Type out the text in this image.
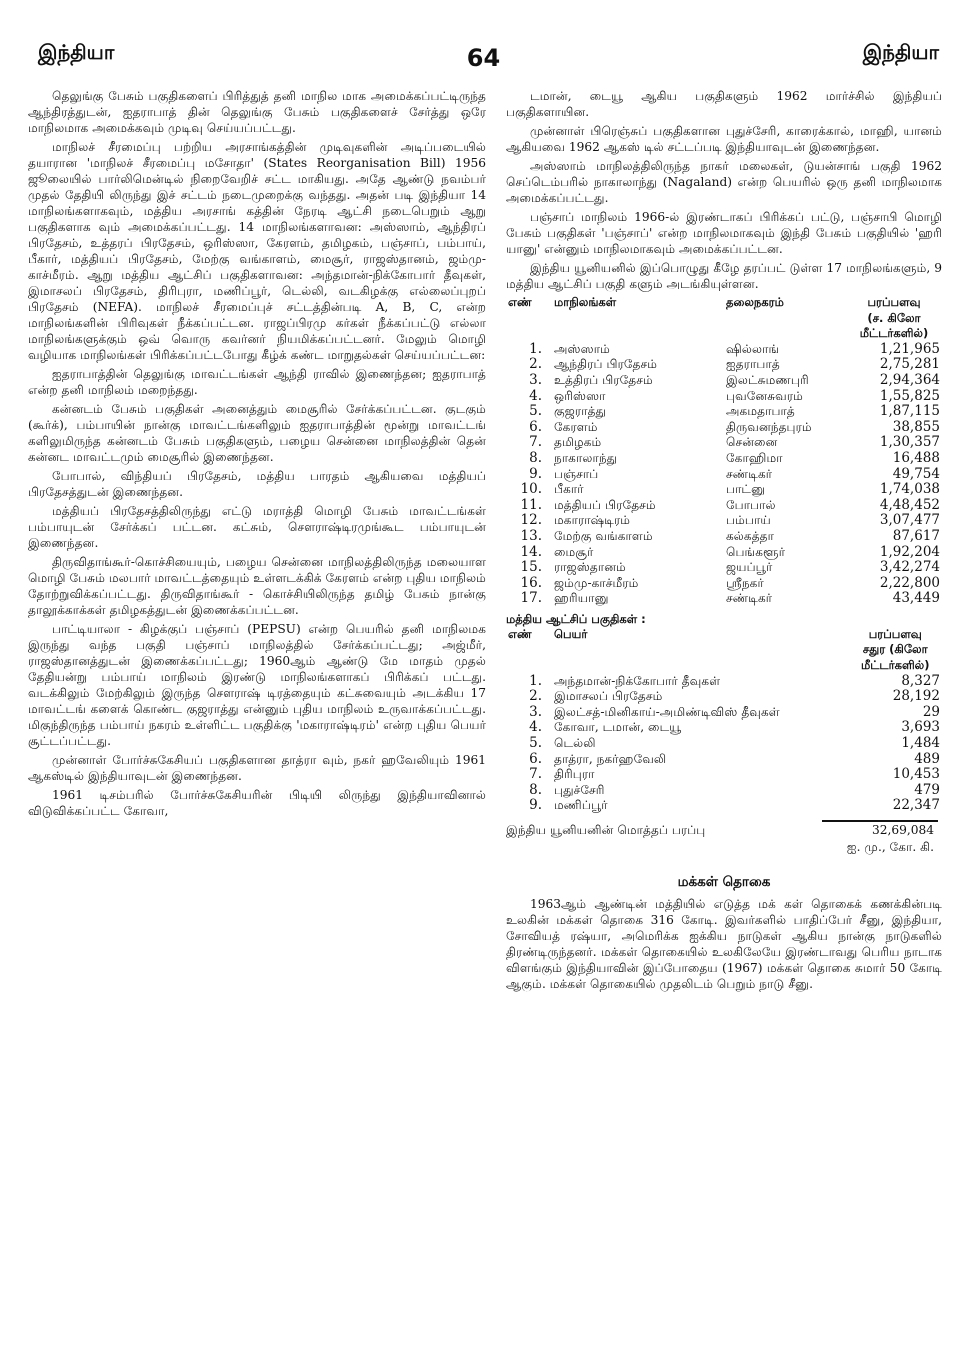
இந்தியா	64	இந்தியா

தெலுங்கு பேசும் பகுதிகளைப் பிரித்துத் தனி மாநில மாக அமைக்கப்பட்டிருந்த ஆந்திரத்துடன், ஐதராபாத் தின் தெலுங்கு பேசும் பகுதிகளைச் சேர்த்து ஒரே மாநிலமாக அமைக்கவும் முடிவு செய்யப்பட்டது.

மாநிலச் சீரமைப்பு பற்றிய அரசாங்கத்தின் முடிவுகளின் அடிப்படையில் தயாரான 'மாநிலச் சீரமைப்பு மசோதா' (States Reorganisation Bill) 1956 ஜூலையில் பார்லிமென்டில் நிறைவேறிச் சட்ட மாகியது. அதே ஆண்டு நவம்பர் முதல் தேதியி லிருந்து இச் சட்டம் நடைமுறைக்கு வந்தது. அதன் படி இந்தியா 14 மாநிலங்களாகவும், மத்திய அரசாங் கத்தின் நேரடி ஆட்சி நடைபெறும் ஆறு பகுதிகளாக வும் அமைக்கப்பட்டது. 14 மாநிலங்களாவன: அஸ்ஸாம், ஆந்திரப் பிரதேசம், உத்தரப் பிரதேசம், ஒரிஸ்ஸா, கேரளம், தமிழகம், பஞ்சாப், பம்பாய், பீகார், மத்தியப் பிரதேசம், மேற்கு வங்காளம், மைசூர், ராஜஸ்தானம், ஜம்மு-காச்மீரம். ஆறு மத்திய ஆட்சிப் பகுதிகளாவன: அந்தமான்-நிக்கோபார் தீவுகள், இமாசலப் பிரதேசம், திரிபுரா, மணிப்பூர், டெல்லி, வடகிழக்கு எல்லைப்புறப் பிரதேசம் (NEFA). மாநிலச் சீரமைப்புச் சட்டத்தின்படி A, B, C, என்ற மாநிலங்களின் பிரிவுகள் நீக்கப்பட்டன. ராஜப்பிரமு கர்கள் நீக்கப்பட்டு எல்லா மாநிலங்களுக்கும் ஒவ் வொரு கவர்னர் நியமிக்கப்பட்டனர். மேலும் மொழி வழியாக மாநிலங்கள் பிரிக்கப்பட்டபோது கீழ்க் கண்ட மாறுதல்கள் செய்யப்பட்டன:

ஐதராபாத்தின் தெலுங்கு மாவட்டங்கள் ஆந்தி ராவில் இணைந்தன; ஐதராபாத் என்ற தனி மாநிலம் மறைந்தது.

கன்னடம் பேசும் பகுதிகள் அனைத்தும் மைசூரில் சேர்க்கப்பட்டன. குடகும் (கூர்க்), பம்பாயின் நான்கு மாவட்டங்களிலும் ஐதராபாத்தின் மூன்று மாவட்டங் களிலுமிருந்த கன்னடம் பேசும் பகுதிகளும், பழைய சென்னை மாநிலத்தின் தென் கன்னட மாவட்டமும் மைசூரில் இணைந்தன.

போபால், விந்தியப் பிரதேசம், மத்திய பாரதம் ஆகியவை மத்தியப் பிரதேசத்துடன் இணைந்தன.

மத்தியப் பிரதேசத்திலிருந்து எட்டு மராத்தி மொழி பேசும் மாவட்டங்கள் பம்பாயுடன் சேர்க்கப் பட்டன. கட்சும், சௌராஷ்டிரமுங்கூட பம்பாயுடன் இணைந்தன.

திருவிதாங்கூர்-கொச்சியையும், பழைய சென்னை மாநிலத்திலிருந்த மலையாள மொழி பேசும் மலபார் மாவட்டத்தையும் உள்ளடக்கிக் கேரளம் என்ற புதிய மாநிலம் தோற்றுவிக்கப்பட்டது. திருவிதாங்கூர் - கொச்சியிலிருந்த தமிழ் பேசும் நான்கு தாலூக்காக்கள் தமிழகத்துடன் இணைக்கப்பட்டன.

பாட்டியாலா - கிழக்குப் பஞ்சாப் (PEPSU) என்ற பெயரில் தனி மாநிலமக இருந்து வந்த பகுதி பஞ்சாப் மாநிலத்தில் சேர்க்கப்பட்டது; அஜ்மீர், ராஜஸ்தானத்துடன் இணைக்கப்பட்டது; 1960ஆம் ஆண்டு மே மாதம் முதல் தேதியன்று பம்பாய் மாநிலம் இரண்டு மாநிலங்களாகப் பிரிக்கப் பட்டது. வடக்கிலும் மேற்கிலும் இருந்த சௌராஷ் டிரத்தையும் கட்சுவையும் அடக்கிய 17 மாவட்டங் களைக் கொண்ட குஜராத்து என்னும் புதிய மாநிலம் உருவாக்கப்பட்டது. மிகுந்திருந்த பம்பாய் நகரம் உள்ளிட்ட பகுதிக்கு 'மகாராஷ்டிரம்' என்ற புதிய பெயர் சூட்டப்பட்டது.

முன்னாள் போர்ச்சுகேசியப் பகுதிகளான தாத்ரா வும், நகர் ஹவேலியும் 1961 ஆகஸ்டில் இந்தியாவுடன் இணைந்தன.

1961 டிசம்பரில் போர்ச்சுகேசியரின் பிடியி லிருந்து இந்தியாவினால் விடுவிக்கப்பட்ட கோவா,

டமான், டையூ ஆகிய பகுதிகளும் 1962 மார்ச்சில் இந்தியப் பகுதிகளாயின.

முன்னாள் பிரெஞ்சுப் பகுதிகளான புதுச்சேரி, காரைக்கால், மாஹி, யானம் ஆகியவை 1962 ஆகஸ் டில் சட்டப்படி இந்தியாவுடன் இணைந்தன.

அஸ்ஸாம் மாநிலத்திலிருந்த நாகர் மலைகள், டுயன்சாங் பகுதி 1962 செப்டெம்பரில் நாகாலாந்து (Nagaland) என்ற பெயரில் ஒரு தனி மாநிலமாக அமைக்கப்பட்டது.

பஞ்சாப் மாநிலம் 1966-ல் இரண்டாகப் பிரிக்கப் பட்டு, பஞ்சாபி மொழி பேசும் பகுதிகள் 'பஞ்சாப்' என்ற மாநிலமாகவும் இந்தி பேசும் பகுதியில் 'ஹரி யானு' என்னும் மாநிலமாகவும் அமைக்கப்பட்டன.

இந்திய யூனியனில் இப்பொழுது கீழே தரப்பட் டுள்ள 17 மாநிலங்களும், 9 மத்திய ஆட்சிப் பகுதி களும் அடங்கியுள்ளன.

எண்	மாநிலங்கள்	தலைநகரம்	பரப்பளவு
(ச. கிலோ மீட்டர்களில்)
1.	அஸ்ஸாம்	ஷில்லாங்	1,21,965
2.	ஆந்திரப் பிரதேசம்	ஐதராபாத்	2,75,281
3.	உத்திரப் பிரதேசம்	இலட்சுமணபுரி	2,94,364
4.	ஒரிஸ்ஸா	புவனேசுவரம்	1,55,825
5.	குஜராத்து	அகமதாபாத்	1,87,115
6.	கேரளம்	திருவனந்தபுரம்	38,855
7.	தமிழகம்	சென்னை	1,30,357
8.	நாகாலாந்து	கோஹிமா	16,488
9.	பஞ்சாப்	சண்டிகர்	49,754
10.	பீகார்	பாட்னு	1,74,038
11.	மத்தியப் பிரதேசம்	போபால்	4,48,452
12.	மகாராஷ்டிரம்	பம்பாய்	3,07,477
13.	மேற்கு வங்காளம்	கல்கத்தா	87,617
14.	மைசூர்	பெங்களூர்	1,92,204
15.	ராஜஸ்தானம்	ஜயப்பூர்	3,42,274
16.	ஜம்மு-காச்மீரம்	ஸ்ரீநகர்	2,22,800
17.	ஹரியானு	சண்டிகர்	43,449
மத்திய ஆட்சிப் பகுதிகள் :
எண்	பெயர்	பரப்பளவு
சதுர (கிலோ
மீட்டர்களில்)
1.	அந்தமான்-நிக்கோபார் தீவுகள்	8,327
2.	இமாசலப் பிரதேசம்	28,192
3.	இலட்சத்-மினிகாய்-அமிண்டிவிஸ் தீவுகள்	29
4.	கோவா, டமான், டையூ	3,693
5.	டெல்லி	1,484
6.	தாத்ரா, நகர்ஹவேலி	489
7.	திரிபுரா	10,453
8.	புதுச்சேரி	479
9.	மணிப்பூர்	22,347
இந்திய யூனியனின் மொத்தப் பரப்பு	32,69,084
ஐ. மு., கோ. கி.
மக்கள் தொகை

1963ஆம் ஆண்டின் மத்தியில் எடுத்த மக் கள் தொகைக் கணக்கின்படி உலகின் மக்கள் தொகை 316 கோடி. இவர்களில் பாதிப்பேர் சீனு, இந்தியா, சோவியத் ரஷ்யா, அமெரிக்க ஐக்கிய நாடுகள் ஆகிய நான்கு நாடுகளில் திரண்டிருந்தனர். மக்கள் தொகையில் உலகிலேயே இரண்டாவது பெரிய நாடாக விளங்கும் இந்தியாவின் இப்போதைய (1967) மக்கள் தொகை சுமார் 50 கோடி ஆகும். மக்கள் தொகையில் முதலிடம் பெறும் நாடு சீனு.
